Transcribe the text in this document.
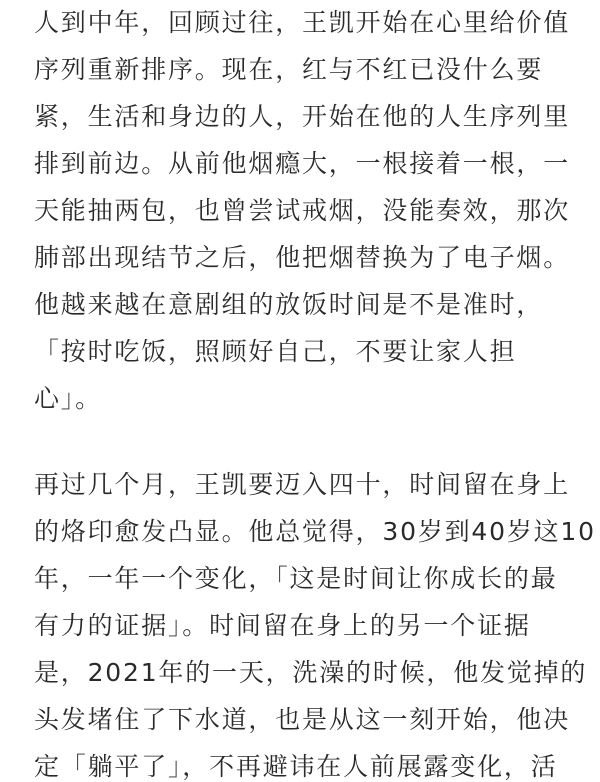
人到中年，回顾过往，王凯开始在心里给价值
序列重新排序。现在，红与不红已没什么要
紧，生活和身边的人，开始在他的人生序列里
排到前边。从前他烟瘾大，一根接着一根，一
天能抽两包，也曾尝试戒烟，没能奏效，那次
肺部出现结节之后，他把烟替换为了电子烟。
他越来越在意剧组的放饭时间是不是准时，
「按时吃饭，照顾好自己，不要让家人担
心」。
再过几个月，王凯要迈入四十，时间留在身上
的烙印愈发凸显。他总觉得，30岁到40岁这10
年，一年一个变化，「这是时间让你成长的最
有力的证据」。时间留在身上的另一个证据
是，2021年的一天，洗澡的时候，他发觉掉的
头发堵住了下水道，也是从这一刻开始，他决
定「躺平了」，不再避讳在人前展露变化，活
